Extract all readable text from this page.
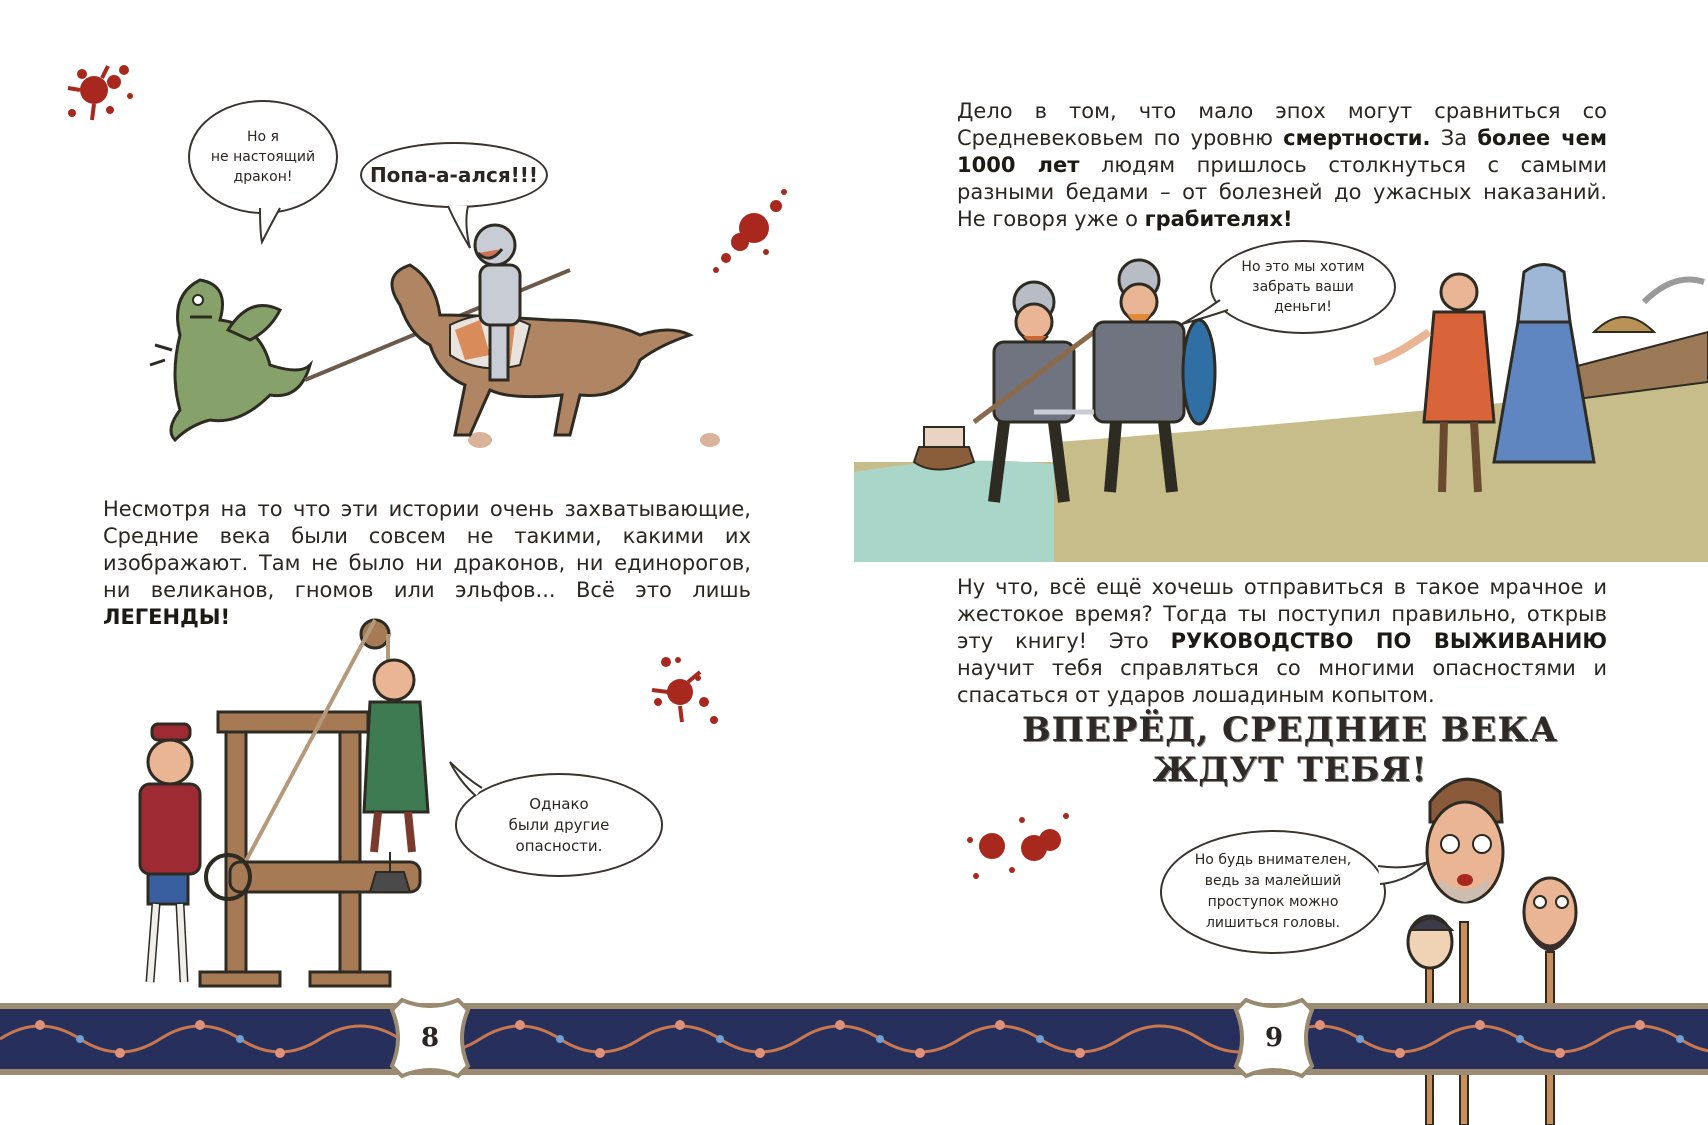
Но я
не настоящий
дракон!	Попа-а-ался!!!

Несмотря на то что эти истории очень захватывающие, Средние века были совсем не такими, какими их изображают. Там не было ни драконов, ни единорогов, ни великанов, гномов или эльфов... Всё это лишь ЛЕГЕНДЫ!

Однако
были другие
опасности.

Дело в том, что мало эпох могут сравниться со Средневековьем по уровню смертности. За более чем 1000 лет людям пришлось столкнуться с самыми разными бедами – от болезней до ужасных наказаний. Не говоря уже о грабителях!

Но это мы хотим
забрать ваши
деньги!

Ну что, всё ещё хочешь отправиться в такое мрачное и жестокое время? Тогда ты поступил правильно, открыв эту книгу! Это РУКОВОДСТВО ПО ВЫЖИВАНИЮ научит тебя справляться со многими опасностями и спасаться от ударов лошадиным копытом.

ВПЕРЁД, СРЕДНИЕ ВЕКА ЖДУТ ТЕБЯ!
Но будь внимателен,
ведь за малейший
проступок можно
лишиться головы.
8	9
